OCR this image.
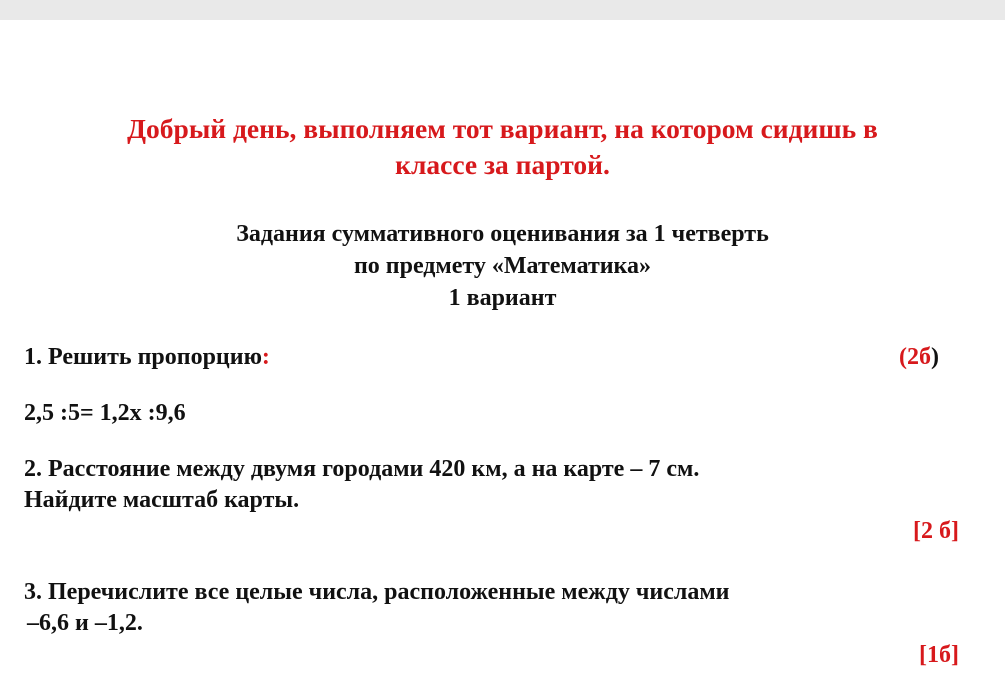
Добрый день, выполняем тот вариант, на котором сидишь в
классе за партой.
Задания суммативного оценивания за 1 четверть
по предмету «Математика»
1 вариант
1. Решить пропорцию:	(2б)
2,5 :5= 1,2х :9,6
2. Расстояние между двумя городами 420 км, а на карте – 7 см.
Найдите масштаб карты.
[2 б]
3. Перечислите все целые числа, расположенные между числами
–6,6 и –1,2.
[1б]
